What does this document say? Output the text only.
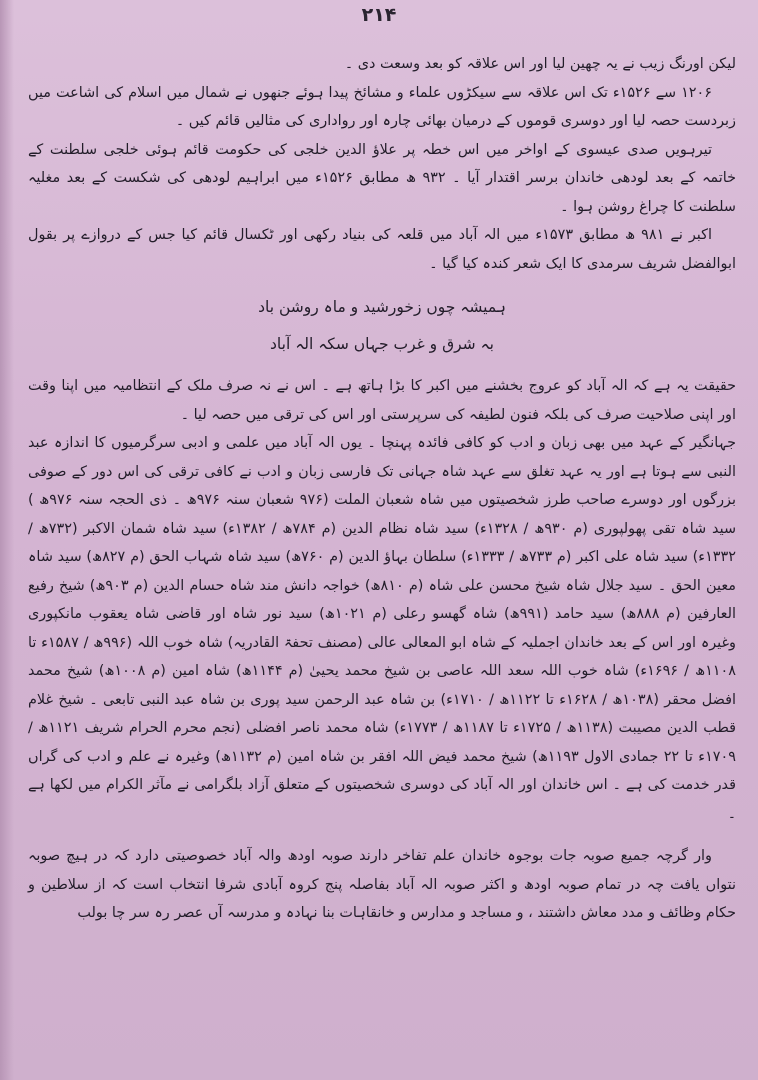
۲۱۴

لیکن اورنگ زیب نے یہ چھین لیا اور اس علاقہ کو بعد وسعت دی ۔

۱۲۰۶ سے ۱۵۲۶ء تک اس علاقہ سے سیکڑوں علماء و مشائخ پیدا ہوئے جنھوں نے شمال میں اسلام کی اشاعت میں زبردست حصہ لیا اور دوسری قوموں کے درمیان بھائی چارہ اور رواداری کی مثالیں قائم کیں ۔

تیرہویں صدی عیسوی کے اواخر میں اس خطہ پر علاؤ الدین خلجی کی حکومت قائم ہوئی خلجی سلطنت کے خاتمہ کے بعد لودھی خاندان برسر اقتدار آیا ۔ ۹۳۲ ھ مطابق ۱۵۲۶ء میں ابراہیم لودھی کی شکست کے بعد مغلیہ سلطنت کا چراغ روشن ہوا ۔

اکبر نے ۹۸۱ ھ مطابق ۱۵۷۳ء میں الہ آباد میں قلعہ کی بنیاد رکھی اور ٹکسال قائم کیا جس کے دروازے پر بقول ابوالفضل شریف سرمدی کا ایک شعر کندہ کیا گیا ۔

ہمیشہ چوں زخورشید و ماہ روشن باد

بہ شرق و غرب جہاں سکہ الہ آباد

حقیقت یہ ہے کہ الہ آباد کو عروج بخشنے میں اکبر کا بڑا ہاتھ ہے ۔ اس نے نہ صرف ملک کے انتظامیہ میں اپنا وقت اور اپنی صلاحیت صرف کی بلکہ فنون لطیفہ کی سرپرستی اور اس کی ترقی میں حصہ لیا ۔

جہانگیر کے عہد میں بھی زبان و ادب کو کافی فائدہ پہنچا ۔ یوں الہ آباد میں علمی و ادبی سرگرمیوں کا اندازہ عبد النبی سے ہوتا ہے اور یہ عہد تغلق سے عہد شاہ جہانی تک فارسی زبان و ادب نے کافی ترقی کی اس دور کے صوفی بزرگوں اور دوسرے صاحب طرز شخصیتوں میں شاہ شعبان الملت (۹۷۶ شعبان سنہ ۹۷۶ھ ۔ ذی الحجہ سنہ ۹۷۶ھ ) سید شاہ تقی پھولپوری (م ۹۳۰ھ / ۱۳۲۸ء) سید شاہ نظام الدین (م ۷۸۴ھ / ۱۳۸۲ء) سید شاہ شمان الاکبر (۷۳۲ھ / ۱۳۳۲ء) سید شاہ علی اکبر (م ۷۳۳ھ / ۱۳۳۳ء) سلطان بہاؤ الدین (م ۷۶۰ھ) سید شاہ شہاب الحق (م ۸۲۷ھ) سید شاہ معین الحق ۔ سید جلال شاہ شیخ محسن علی شاہ (م ۸۱۰ھ) خواجہ دانش مند شاہ حسام الدین (م ۹۰۳ھ) شیخ رفیع العارفین (م ۸۸۸ھ) سید حامد (۹۹۱ھ) شاہ گھسو رعلی (م ۱۰۲۱ھ) سید نور شاہ اور قاضی شاہ یعقوب مانکپوری وغیرہ اور اس کے بعد خاندان اجملیہ کے شاہ ابو المعالی عالی (مصنف تحفۃ القادریہ) شاہ خوب اللہ (۹۹۶ھ / ۱۵۸۷ء تا ۱۱۰۸ھ / ۱۶۹۶ء) شاہ خوب اللہ سعد اللہ عاصی بن شیخ محمد یحییٰ (م ۱۱۴۴ھ) شاہ امین (م ۱۰۰۸ھ) شیخ محمد افضل محقر (۱۰۳۸ھ / ۱۶۲۸ء تا ۱۱۲۲ھ / ۱۷۱۰ء) بن شاہ عبد الرحمن سید پوری بن شاہ عبد النبی تابعی ۔ شیخ غلام قطب الدین مصیبت (۱۱۳۸ھ / ۱۷۲۵ء تا ۱۱۸۷ھ / ۱۷۷۳ء) شاہ محمد ناصر افضلی (نجم محرم الحرام شریف ۱۱۲۱ھ / ۱۷۰۹ء تا ۲۲ جمادی الاول ۱۱۹۳ھ) شیخ محمد فیض اللہ افقر بن شاہ امین (م ۱۱۳۲ھ) وغیرہ نے علم و ادب کی گراں قدر خدمت کی ہے ۔ اس خاندان اور الہ آباد کی دوسری شخصیتوں کے متعلق آزاد بلگرامی نے مآثر الکرام میں لکھا ہے ۔

وار گرچہ جمیع صوبہ جات بوجوہ خاندان علم تفاخر دارند صوبہ اودھ والہ آباد خصوصیتی دارد کہ در ہیچ صوبہ نتواں یافت چہ در تمام صوبہ اودھ و اکثر صوبہ الہ آباد بفاصلہ پنج کروہ آبادی شرفا انتخاب است کہ از سلاطین و حکام وظائف و مدد معاش داشتند ، و مساجد و مدارس و خانقاہات بنا نہادہ و مدرسہ آں عصر رہ سر چا بولب
